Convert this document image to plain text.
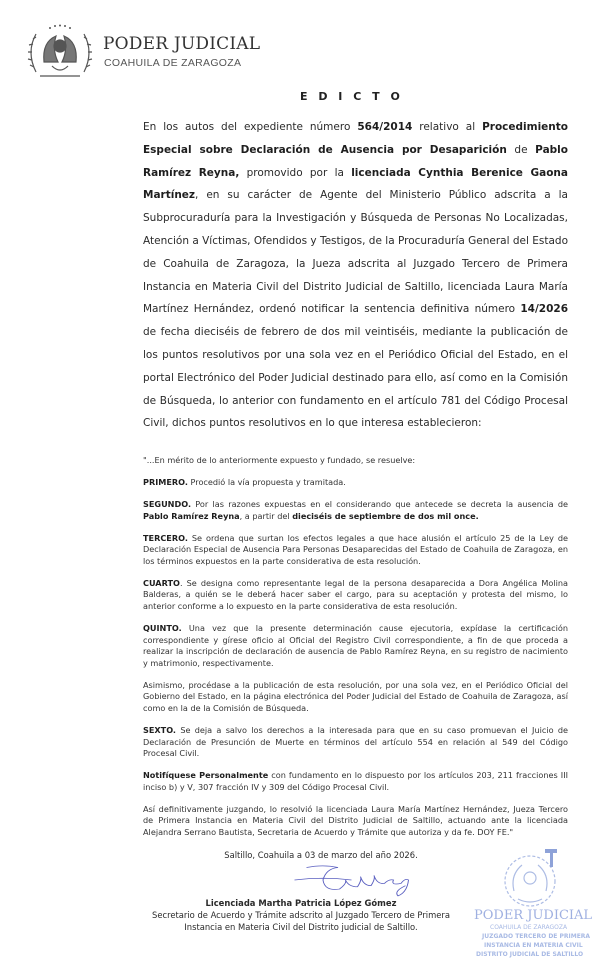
PODER JUDICIAL
COAHUILA DE ZARAGOZA
E D I C T O
En los autos del expediente número 564/2014 relativo al Procedimiento Especial sobre Declaración de Ausencia por Desaparición de Pablo Ramírez Reyna, promovido por la licenciada Cynthia Berenice Gaona Martínez, en su carácter de Agente del Ministerio Público adscrita a la Subprocuraduría para la Investigación y Búsqueda de Personas No Localizadas, Atención a Víctimas, Ofendidos y Testigos, de la Procuraduría General del Estado de Coahuila de Zaragoza, la Jueza adscrita al Juzgado Tercero de Primera Instancia en Materia Civil del Distrito Judicial de Saltillo, licenciada Laura María Martínez Hernández, ordenó notificar la sentencia definitiva número 14/2026 de fecha dieciséis de febrero de dos mil veintiséis, mediante la publicación de los puntos resolutivos por una sola vez en el Periódico Oficial del Estado, en el portal Electrónico del Poder Judicial destinado para ello, así como en la Comisión de Búsqueda, lo anterior con fundamento en el artículo 781 del Código Procesal Civil, dichos puntos resolutivos en lo que interesa establecieron:

"...En mérito de lo anteriormente expuesto y fundado, se resuelve:

PRIMERO. Procedió la vía propuesta y tramitada.

SEGUNDO. Por las razones expuestas en el considerando que antecede se decreta la ausencia de Pablo Ramírez Reyna, a partir del dieciséis de septiembre de dos mil once.

TERCERO. Se ordena que surtan los efectos legales a que hace alusión el artículo 25 de la Ley de Declaración Especial de Ausencia Para Personas Desaparecidas del Estado de Coahuila de Zaragoza, en los términos expuestos en la parte considerativa de esta resolución.

CUARTO. Se designa como representante legal de la persona desaparecida a Dora Angélica Molina Balderas, a quién se le deberá hacer saber el cargo, para su aceptación y protesta del mismo, lo anterior conforme a lo expuesto en la parte considerativa de esta resolución.

QUINTO. Una vez que la presente determinación cause ejecutoria, expídase la certificación correspondiente y gírese oficio al Oficial del Registro Civil correspondiente, a fin de que proceda a realizar la inscripción de declaración de ausencia de Pablo Ramírez Reyna, en su registro de nacimiento y matrimonio, respectivamente.

Asimismo, procédase a la publicación de esta resolución, por una sola vez, en el Periódico Oficial del Gobierno del Estado, en la página electrónica del Poder Judicial del Estado de Coahuila de Zaragoza, así como en la de la Comisión de Búsqueda.

SEXTO. Se deja a salvo los derechos a la interesada para que en su caso promuevan el Juicio de Declaración de Presunción de Muerte en términos del artículo 554 en relación al 549 del Código Procesal Civil.

Notifíquese Personalmente con fundamento en lo dispuesto por los artículos 203, 211 fracciones III inciso b) y V, 307 fracción IV y 309 del Código Procesal Civil.

Así definitivamente juzgando, lo resolvió la licenciada Laura María Martínez Hernández, Jueza Tercero de Primera Instancia en Materia Civil del Distrito Judicial de Saltillo, actuando ante la licenciada Alejandra Serrano Bautista, Secretaria de Acuerdo y Trámite que autoriza y da fe. DOY FE."

Saltillo, Coahuila a 03 de marzo del año 2026.
Licenciada Martha Patricia López Gómez
Secretario de Acuerdo y Trámite adscrito al Juzgado Tercero de Primera
Instancia en Materia Civil del Distrito judicial de Saltillo.
PODER JUDICIAL
COAHUILA DE ZARAGOZA
JUZGADO TERCERO DE PRIMERA
INSTANCIA EN MATERIA CIVIL
DISTRITO JUDICIAL DE SALTILLO
